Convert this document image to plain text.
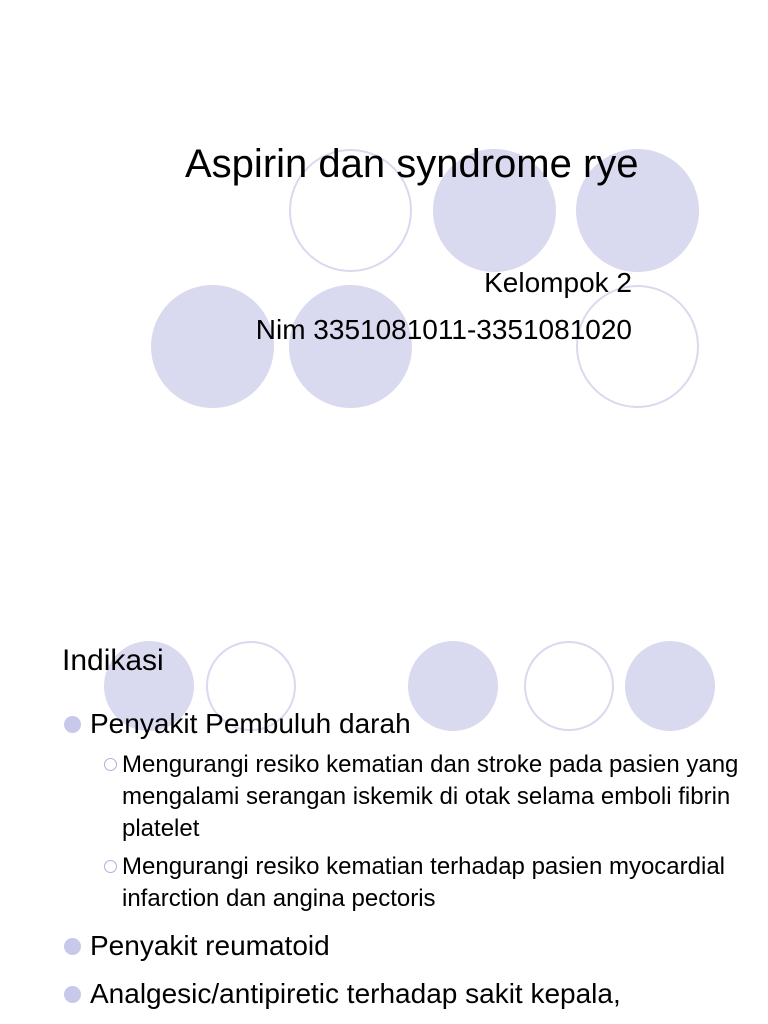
Aspirin dan syndrome rye
Kelompok 2
Nim 3351081011-3351081020
Indikasi
Penyakit Pembuluh darah
Mengurangi resiko kematian dan stroke pada pasien yang mengalami serangan iskemik di otak selama emboli fibrin platelet
Mengurangi resiko kematian terhadap pasien myocardial infarction dan angina pectoris
Penyakit reumatoid
Analgesic/antipiretic terhadap sakit kepala,
